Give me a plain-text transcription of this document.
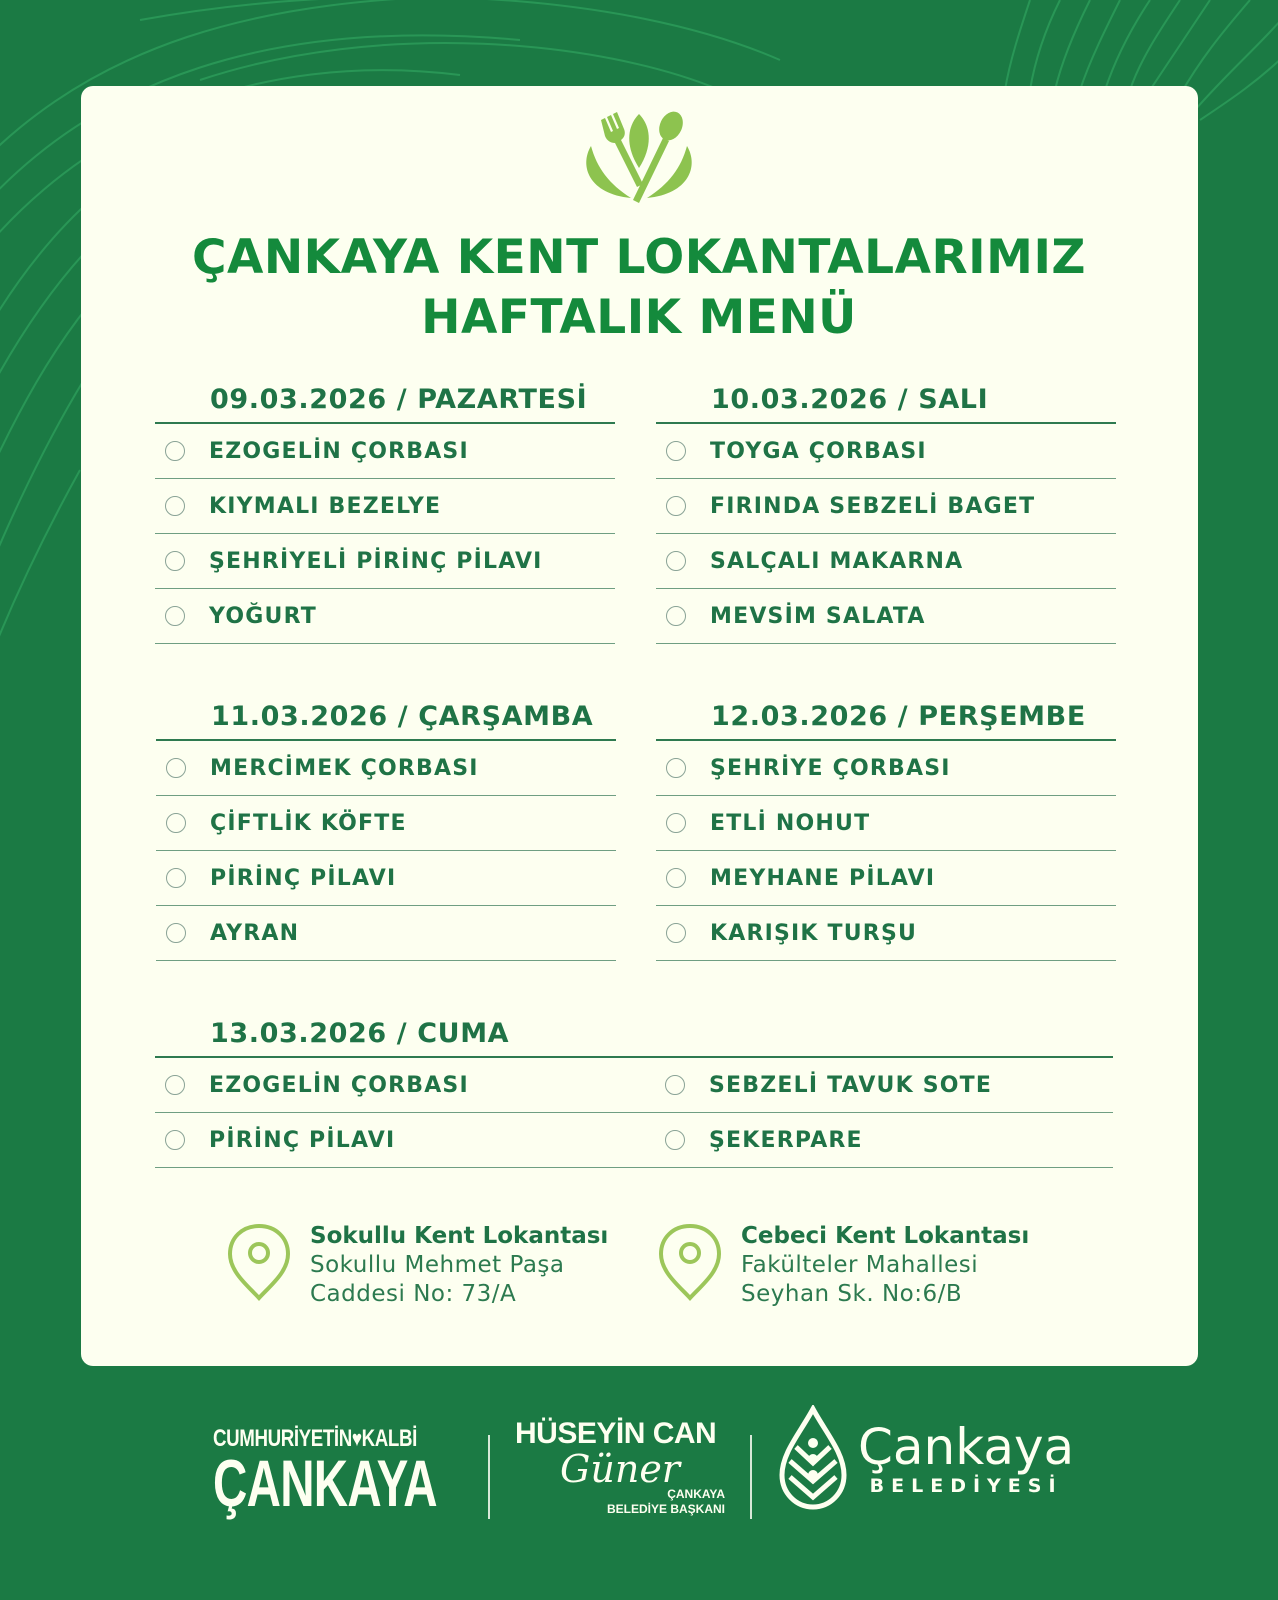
ÇANKAYA KENT LOKANTALARIMIZ
HAFTALIK MENÜ
09.03.2026 / PAZARTESİ
EZOGELİN ÇORBASI
KIYMALI BEZELYE
ŞEHRİYELİ PİRİNÇ PİLAVI
YOĞURT
10.03.2026 / SALI
TOYGA ÇORBASI
FIRINDA SEBZELİ BAGET
SALÇALI MAKARNA
MEVSİM SALATA
11.03.2026 / ÇARŞAMBA
MERCİMEK ÇORBASI
ÇİFTLİK KÖFTE
PİRİNÇ PİLAVI
AYRAN
12.03.2026 / PERŞEMBE
ŞEHRİYE ÇORBASI
ETLİ NOHUT
MEYHANE PİLAVI
KARIŞIK TURŞU
13.03.2026 / CUMA
EZOGELİN ÇORBASI	SEBZELİ TAVUK SOTE
PİRİNÇ PİLAVI	ŞEKERPARE
Sokullu Kent Lokantası
Sokullu Mehmet Paşa
Caddesi No: 73/A
Cebeci Kent Lokantası
Fakülteler Mahallesi
Seyhan Sk. No:6/B
CUMHURİYETİN♥KALBİ
ÇANKAYA
HÜSEYİN CAN
Güner
ÇANKAYA
BELEDİYE BAŞKANI
Çankaya
BELEDİYESİ
